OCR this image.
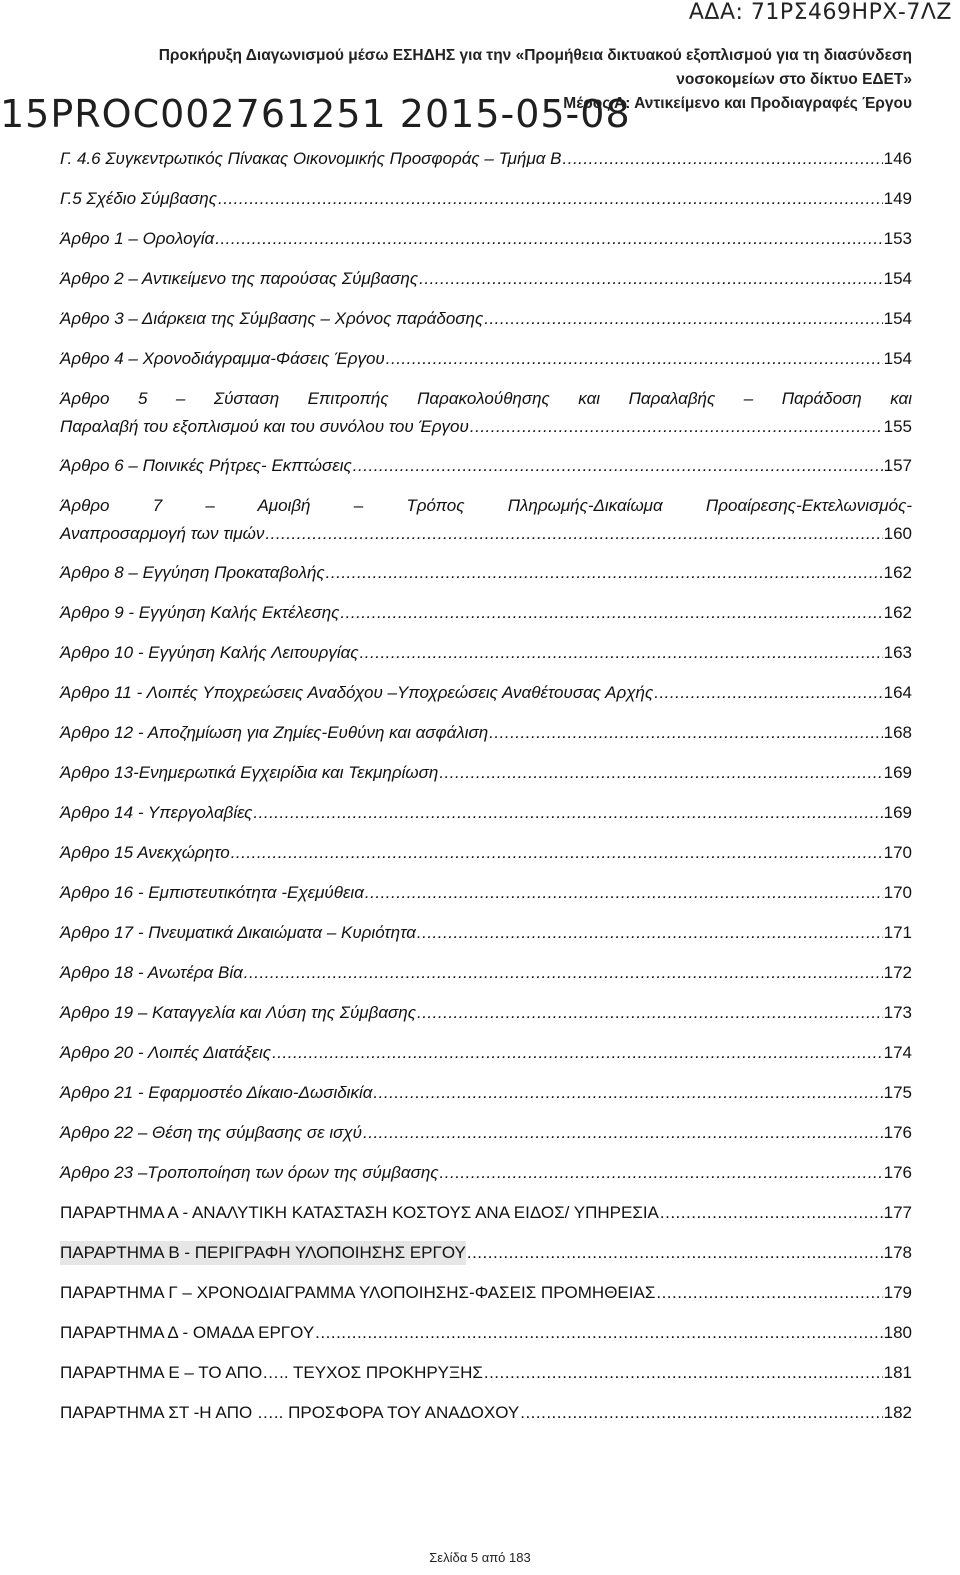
ΑΔΑ: 71ΡΣ469ΗΡΧ-7ΛΖ
Προκήρυξη Διαγωνισμού μέσω ΕΣΗΔΗΣ για την «Προμήθεια δικτυακού εξοπλισμού για τη διασύνδεση
νοσοκομείων στο δίκτυο ΕΔΕΤ»
Μέρος Α: Αντικείμενο και Προδιαγραφές Έργου
15PROC002761251 2015-05-08
Γ. 4.6 Συγκεντρωτικός Πίνακας Οικονομικής Προσφοράς – Τμήμα Β .....	146
Γ.5 Σχέδιο Σύμβασης .....	149
Άρθρο 1 – Ορολογία .....	153
Άρθρο 2 – Αντικείμενο της παρούσας Σύμβασης .....	154
Άρθρο 3 – Διάρκεια της Σύμβασης – Χρόνος παράδοσης .....	154
Άρθρο 4 – Χρονοδιάγραμμα-Φάσεις Έργου .....	154
Άρθρο 5 – Σύσταση Επιτροπής Παρακολούθησης και Παραλαβής – Παράδοση και
Παραλαβή του εξοπλισμού και του συνόλου του Έργου .....	155
Άρθρο 6 – Ποινικές Ρήτρες- Εκπτώσεις .....	157
Άρθρο 7 – Αμοιβή – Τρόπος Πληρωμής-Δικαίωμα Προαίρεσης-Εκτελωνισμός-
Αναπροσαρμογή των τιμών .....	160
Άρθρο 8 – Εγγύηση Προκαταβολής .....	162
Άρθρο 9 - Εγγύηση Καλής Εκτέλεσης .....	162
Άρθρο 10 - Εγγύηση Καλής Λειτουργίας .....	163
Άρθρο 11 - Λοιπές Υποχρεώσεις Αναδόχου –Υποχρεώσεις Αναθέτουσας Αρχής .....	164
Άρθρο 12 - Αποζημίωση για Ζημίες-Ευθύνη και ασφάλιση .....	168
Άρθρο 13-Ενημερωτικά Εγχειρίδια και Τεκμηρίωση .....	169
Άρθρο 14 - Υπεργολαβίες .....	169
Άρθρο 15 Ανεκχώρητο .....	170
Άρθρο 16 - Εμπιστευτικότητα -Εχεμύθεια .....	170
Άρθρο 17 - Πνευματικά Δικαιώματα – Κυριότητα .....	171
Άρθρο 18 - Ανωτέρα Βία .....	172
Άρθρο 19 – Καταγγελία και Λύση της Σύμβασης .....	173
Άρθρο 20 - Λοιπές Διατάξεις .....	174
Άρθρο 21 - Εφαρμοστέο Δίκαιο-Δωσιδικία .....	175
Άρθρο 22 – Θέση της σύμβασης σε ισχύ .....	176
Άρθρο 23 –Τροποποίηση των όρων της σύμβασης .....	176
ΠΑΡΑΡΤΗΜΑ Α - ΑΝΑΛΥΤΙΚΗ ΚΑΤΑΣΤΑΣΗ ΚΟΣΤΟΥΣ ΑΝΑ ΕΙΔΟΣ/ ΥΠΗΡΕΣΙΑ .....	177
ΠΑΡΑΡΤΗΜΑ Β - ΠΕΡΙΓΡΑΦΗ ΥΛΟΠΟΙΗΣΗΣ ΕΡΓΟΥ .....	178
ΠΑΡΑΡΤΗΜΑ Γ – ΧΡΟΝΟΔΙΑΓΡΑΜΜΑ ΥΛΟΠΟΙΗΣΗΣ-ΦΑΣΕΙΣ ΠΡΟΜΗΘΕΙΑΣ .....	179
ΠΑΡΑΡΤΗΜΑ Δ - ΟΜΑΔΑ ΕΡΓΟΥ .....	180
ΠΑΡΑΡΤΗΜΑ Ε – ΤΟ ΑΠΟ….. ΤΕΥΧΟΣ ΠΡΟΚΗΡΥΞΗΣ .....	181
ΠΑΡΑΡΤΗΜΑ ΣΤ -Η ΑΠΟ ….. ΠΡΟΣΦΟΡΑ ΤΟΥ ΑΝΑΔΟΧΟΥ .....	182
Σελίδα 5 από 183
